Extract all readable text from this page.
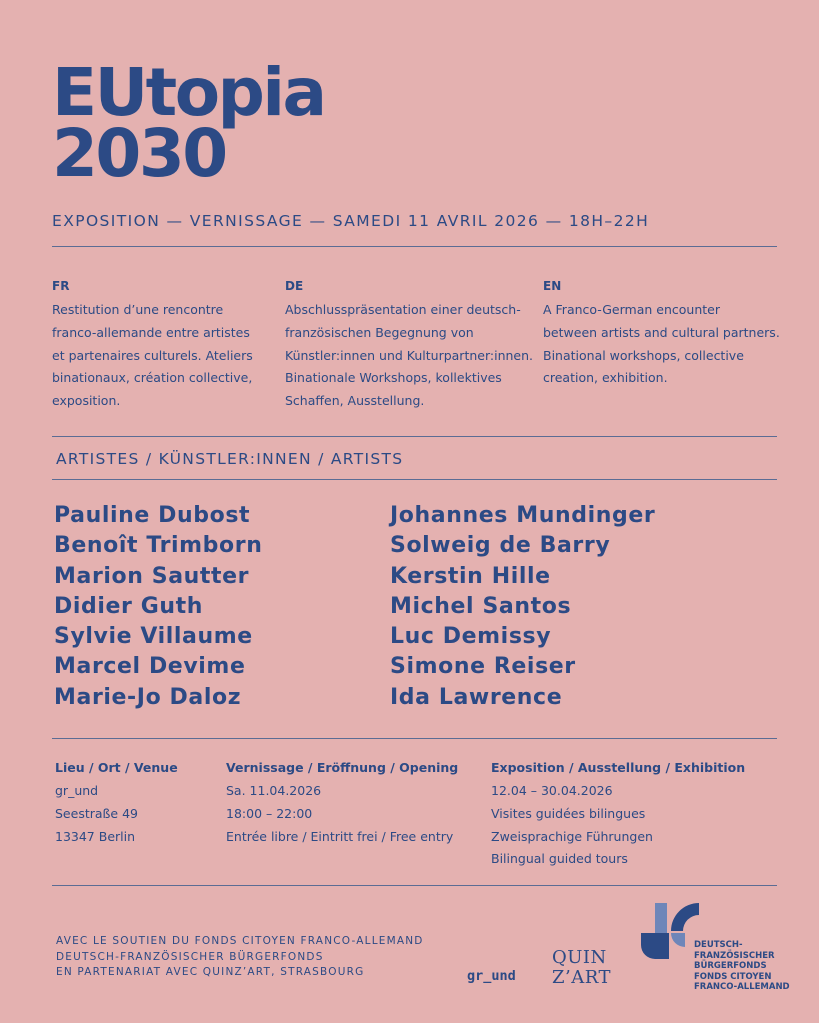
EUtopia
2030
EXPOSITION — VERNISSAGE — SAMEDI 11 AVRIL 2026 — 18H–22H
FR
Restitution d’une rencontre
franco-allemande entre artistes
et partenaires culturels. Ateliers
binationaux, création collective,
exposition.
DE
Abschlusspräsentation einer deutsch-
französischen Begegnung von
Künstler:innen und Kulturpartner:innen.
Binationale Workshops, kollektives
Schaffen, Ausstellung.
EN
A Franco-German encounter
between artists and cultural partners.
Binational workshops, collective
creation, exhibition.
ARTISTES / KÜNSTLER:INNEN / ARTISTS
Pauline Dubost
Benoît Trimborn
Marion Sautter
Didier Guth
Sylvie Villaume
Marcel Devime
Marie-Jo Daloz
Johannes Mundinger
Solweig de Barry
Kerstin Hille
Michel Santos
Luc Demissy
Simone Reiser
Ida Lawrence
Lieu / Ort / Venue
gr_und
Seestraße 49
13347 Berlin
Vernissage / Eröffnung / Opening
Sa. 11.04.2026
18:00 – 22:00
Entrée libre / Eintritt frei / Free entry
Exposition / Ausstellung / Exhibition
12.04 – 30.04.2026
Visites guidées bilingues
Zweisprachige Führungen
Bilingual guided tours
AVEC LE SOUTIEN DU FONDS CITOYEN FRANCO-ALLEMAND
DEUTSCH-FRANZÖSISCHER BÜRGERFONDS
EN PARTENARIAT AVEC QUINZ’ART, STRASBOURG	gr_und
QUIN
Z’ART
DEUTSCH-
FRANZÖSISCHER
BÜRGERFONDS
FONDS CITOYEN
FRANCO-ALLEMAND
